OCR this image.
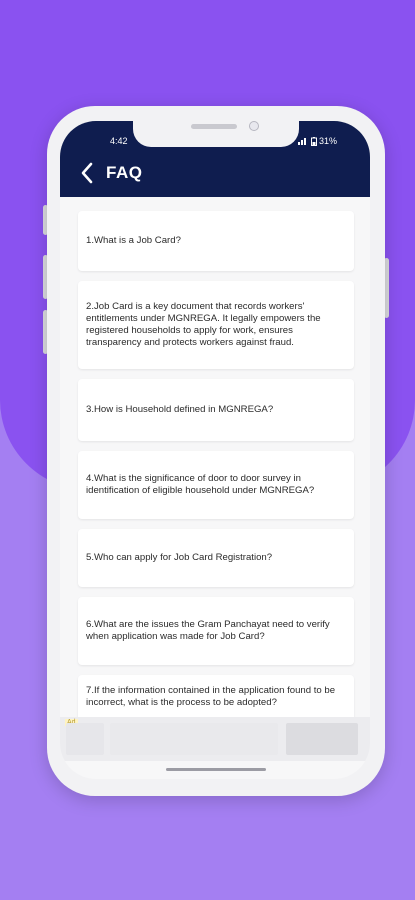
4:42	31%
FAQ
1.What is a Job Card?
2.Job Card is a key document that records workers' entitlements under MGNREGA. It legally empowers the registered households to apply for work, ensures transparency and protects workers against fraud.
3.How is Household defined in MGNREGA?
4.What is the significance of door to door survey in identification of eligible household under MGNREGA?
5.Who can apply for Job Card Registration?
6.What are the issues the Gram Panchayat need to verify when application was made for Job Card?
7.If the information contained in the application found to be incorrect, what is the process to be adopted?
